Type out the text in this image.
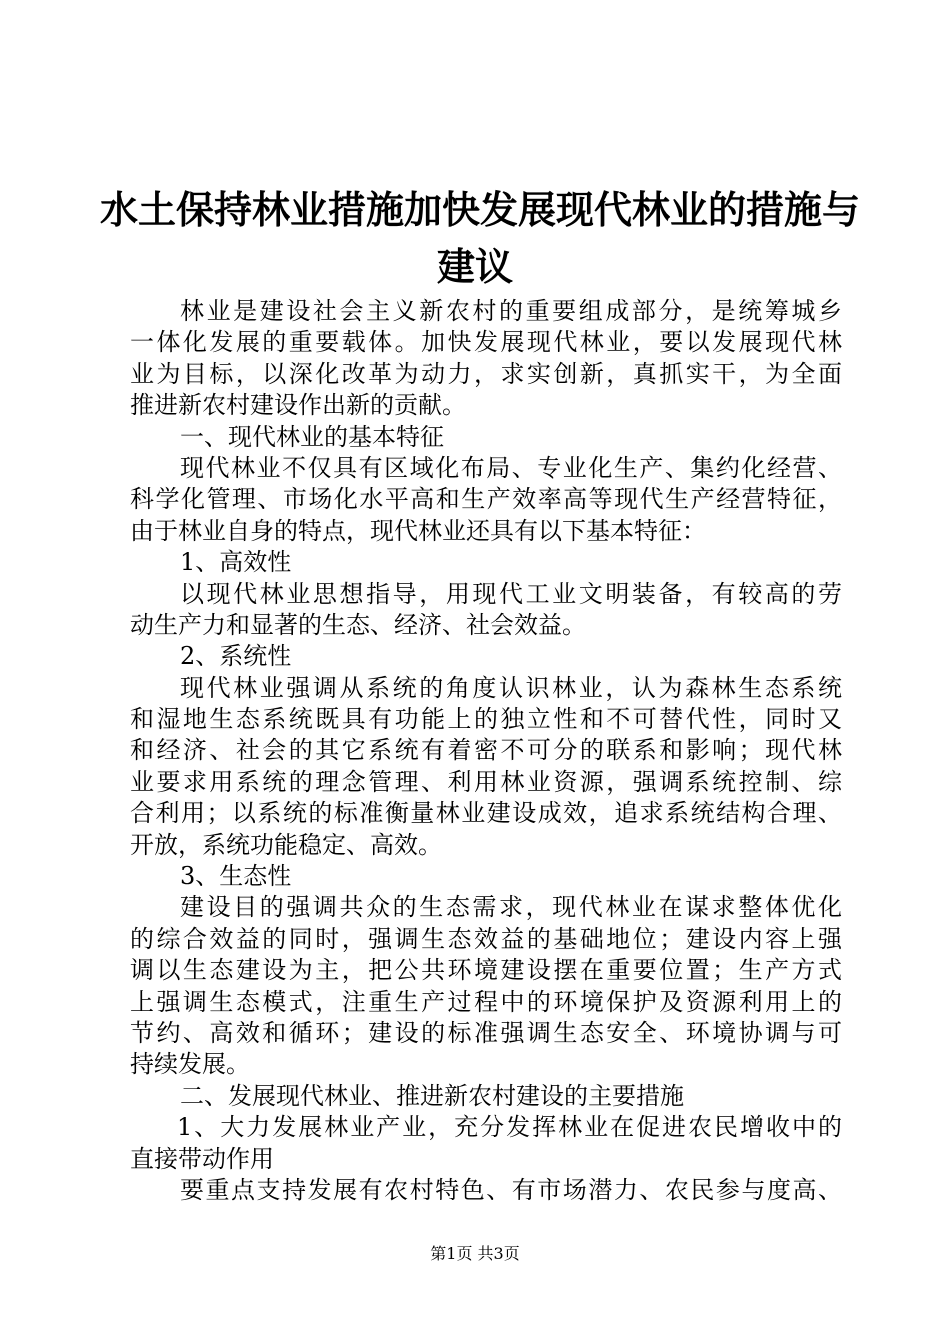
水土保持林业措施加快发展现代林业的措施与
建议
林业是建设社会主义新农村的重要组成部分，是统筹城乡
一体化发展的重要载体。加快发展现代林业，要以发展现代林
业为目标，以深化改革为动力，求实创新，真抓实干，为全面
推进新农村建设作出新的贡献。
一、现代林业的基本特征
现代林业不仅具有区域化布局、专业化生产、集约化经营、
科学化管理、市场化水平高和生产效率高等现代生产经营特征，
由于林业自身的特点，现代林业还具有以下基本特征：
1、高效性
以现代林业思想指导，用现代工业文明装备，有较高的劳
动生产力和显著的生态、经济、社会效益。
2、系统性
现代林业强调从系统的角度认识林业，认为森林生态系统
和湿地生态系统既具有功能上的独立性和不可替代性，同时又
和经济、社会的其它系统有着密不可分的联系和影响；现代林
业要求用系统的理念管理、利用林业资源，强调系统控制、综
合利用；以系统的标准衡量林业建设成效，追求系统结构合理、
开放，系统功能稳定、高效。
3、生态性
建设目的强调共众的生态需求，现代林业在谋求整体优化
的综合效益的同时，强调生态效益的基础地位；建设内容上强
调以生态建设为主，把公共环境建设摆在重要位置；生产方式
上强调生态模式，注重生产过程中的环境保护及资源利用上的
节约、高效和循环；建设的标准强调生态安全、环境协调与可
持续发展。
二、发展现代林业、推进新农村建设的主要措施
1、大力发展林业产业，充分发挥林业在促进农民增收中的
直接带动作用
要重点支持发展有农村特色、有市场潜力、农民参与度高、
第1页 共3页
